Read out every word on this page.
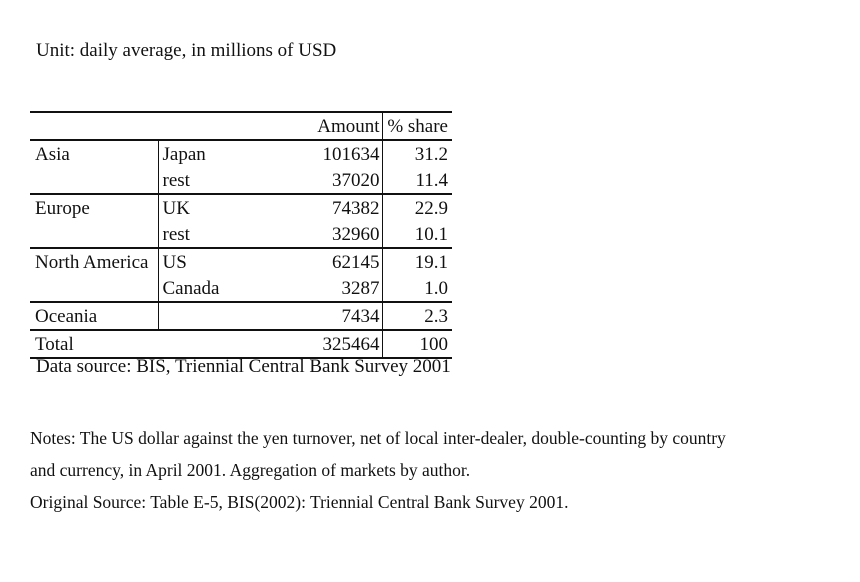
Unit: daily average, in millions of USD
		Amount	% share
Asia	Japan	101634	31.2
	rest	37020	11.4
Europe	UK	74382	22.9
	rest	32960	10.1
North America	US	62145	19.1
	Canada	3287	1.0
Oceania		7434	2.3
Total		325464	100
Data source: BIS, Triennial Central Bank Survey 2001
Notes: The US dollar against the yen turnover, net of local inter-dealer, double-counting by country
and currency, in April 2001. Aggregation of markets by author.
Original Source: Table E-5, BIS(2002): Triennial Central Bank Survey 2001.
